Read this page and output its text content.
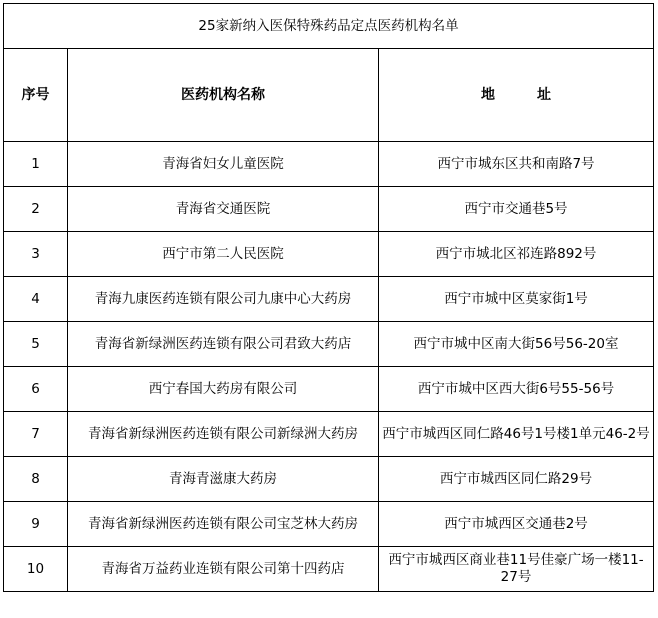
25家新纳入医保特殊药品定点医药机构名单		
序号	医药机构名称	地 址
1	青海省妇女儿童医院	西宁市城东区共和南路7号
2	青海省交通医院	西宁市交通巷5号
3	西宁市第二人民医院	西宁市城北区祁连路892号
4	青海九康医药连锁有限公司九康中心大药房	西宁市城中区莫家街1号
5	青海省新绿洲医药连锁有限公司君致大药店	西宁市城中区南大街56号56-20室
6	西宁春国大药房有限公司	西宁市城中区西大街6号55-56号
7	青海省新绿洲医药连锁有限公司新绿洲大药房	西宁市城西区同仁路46号1号楼1单元46-2号
8	青海青滋康大药房	西宁市城西区同仁路29号
9	青海省新绿洲医药连锁有限公司宝芝林大药房	西宁市城西区交通巷2号
10	青海省万益药业连锁有限公司第十四药店	西宁市城西区商业巷11号佳豪广场一楼11-27号
